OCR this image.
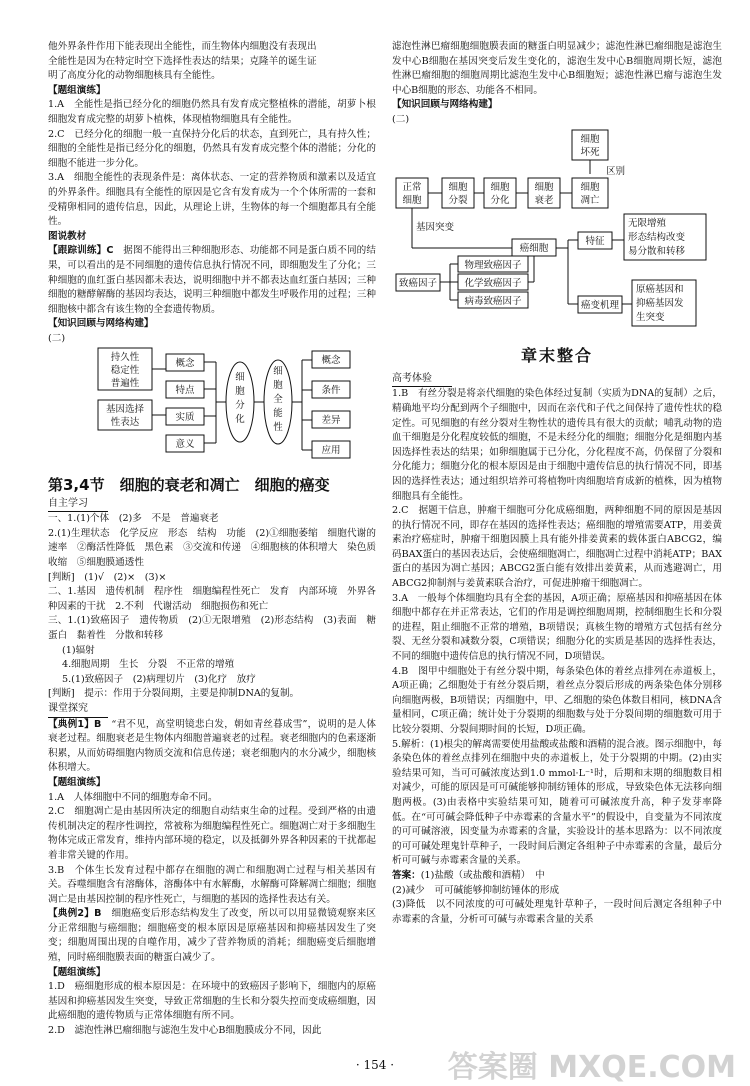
他外界条件作用下能表现出全能性，而生物体内细胞没有表现出

全能性是因为在特定时空下选择性表达的结果；克隆羊的诞生证

明了高度分化的动物细胞核具有全能性。

【题组演练】

1.A　全能性是指已经分化的细胞仍然具有发育成完整植株的潜能，胡萝卜根细胞发育成完整的胡萝卜植株，体现植物细胞具有全能性。

2.C　已经分化的细胞一般一直保持分化后的状态，直到死亡，具有持久性；细胞的全能性是指已经分化的细胞，仍然具有发育成完整个体的潜能；分化的细胞不能进一步分化。

3.A　细胞全能性的表现条件是：离体状态、一定的营养物质和激素以及适宜的外界条件。细胞具有全能性的原因是它含有发育成为一个个体所需的一套和受精卵相同的遗传信息，因此，从理论上讲，生物体的每一个细胞都具有全能性。

图说教材

【跟踪训练】C　 据图不能得出三种细胞形态、功能都不同是蛋白质不同的结果，可以看出的是不同细胞的遗传信息执行情况不同，即细胞发生了分化；三种细胞的血红蛋白基因都未表达，说明细胞中并不都表达血红蛋白基因；三种细胞的糖酵解酶的基因均表达，说明三种细胞中都发生呼吸作用的过程；三种细胞核中都含有该生物的全套遗传物质。

【知识回顾与网络构建】

(二)

持久性
稳定性
普遍性
基因选择
性表达
概念
特点
实质
意义
细
胞
分
化
细
胞
全
能
性
概念
条件
差异
应用

第3,4节　细胞的衰老和凋亡　细胞的癌变

自主学习

一、1.(1)个体　(2)多　不是　普遍衰老

2.(1)生理状态　化学反应　形态　结构　功能　(2)①细胞萎缩　细胞代谢的速率　②酶活性降低　黑色素　③交流和传递　④细胞核的体积增大　染色质收缩　⑤细胞膜通透性

[判断]　(1)√　(2)×　(3)×

二、1.基因　遗传机制　程序性　细胞编程性死亡　发育　内部环境　外界各种因素的干扰　2.不利　代谢活动　细胞损伤和死亡

三、1.(1)致癌因子　遗传物质　(2)①无限增殖　(2)形态结构　(3)表面　糖蛋白　黏着性　分散和转移

(1)辐射

4.细胞周期　生长　分裂　不正常的增殖

5.(1)致癌因子　(2)病理切片　(3)化疗　放疗

[判断]　提示：作用于分裂间期，主要是抑制DNA的复制。

课堂探究

【典例1】B　 “君不见，高堂明镜悲白发，朝如青丝暮成雪”，说明的是人体衰老过程。细胞衰老是生物体内细胞普遍衰老的过程。衰老细胞内的色素逐渐积累，从而妨碍细胞内物质交流和信息传递；衰老细胞内的水分减少，细胞核体积增大。

【题组演练】

1.A　人体细胞中不同的细胞寿命不同。

2.C　细胞凋亡是由基因所决定的细胞自动结束生命的过程。受到严格的由遗传机制决定的程序性调控，常被称为细胞编程性死亡。细胞凋亡对于多细胞生物体完成正常发育，维持内部环境的稳定，以及抵御外界各种因素的干扰都起着非常关键的作用。

3.B　个体生长发育过程中都存在细胞的凋亡和细胞凋亡过程与相关基因有关。吞噬细胞含有溶酶体，溶酶体中有水解酶，水解酶可降解凋亡细胞；细胞凋亡是由基因控制的程序性死亡，与细胞的基因的选择性表达有关。

【典例2】B　 细胞癌变后形态结构发生了改变，所以可以用显微镜观察来区分正常细胞与癌细胞；细胞癌变的根本原因是原癌基因和抑癌基因发生了突变；细胞周围出现的自噬作用，减少了营养物质的消耗；细胞癌变后细胞增殖，同时癌细胞膜表面的糖蛋白减少了。

【题组演练】

1.D　癌细胞形成的根本原因是：在环境中的致癌因子影响下，细胞内的原癌基因和抑癌基因发生突变，导致正常细胞的生长和分裂失控而变成癌细胞，因此癌细胞的遗传物质与正常体细胞有所不同。

2.D　滤泡性淋巴瘤细胞与滤泡生发中心B细胞膜成分不同，因此

滤泡性淋巴瘤细胞细胞膜表面的糖蛋白明显减少；滤泡性淋巴瘤细胞是滤泡生发中心B细胞在基因突变后发生变化的，滤泡生发中心B细胞周期长短，滤泡性淋巴瘤细胞的细胞周期比滤泡生发中心B细胞短；滤泡性淋巴瘤与滤泡生发中心B细胞的形态、功能各不相同。

【知识回顾与网络构建】

(二)

细胞
坏死
区别
正常
细胞
细胞
分裂
细胞
分化
细胞
衰老
细胞
凋亡
基因突变
癌细胞
特征
无限增殖
形态结构改变
易分散和转移
致癌因子
物理致癌因子
化学致癌因子
病毒致癌因子	癌变机理
原癌基因和
抑癌基因发
生突变

章末整合

高考体验

1.B　有丝分裂是将亲代细胞的染色体经过复制（实质为DNA的复制）之后，精确地平均分配到两个子细胞中，因而在亲代和子代之间保持了遗传性状的稳定性。可见细胞的有丝分裂对生物性状的遗传具有很大的贡献；哺乳动物的造血干细胞是分化程度较低的细胞，不是未经分化的细胞；细胞分化是细胞内基因选择性表达的结果；如卵细胞属于已分化，分化程度不高，仍保留了分裂和分化能力；细胞分化的根本原因是由于细胞中遗传信息的执行情况不同，即基因的选择性表达；通过组织培养可将植物叶肉细胞培育成新的植株，因为植物细胞具有全能性。

2.C　据题干信息，肿瘤干细胞可分化成癌细胞，两种细胞不同的原因是基因的执行情况不同，即存在基因的选择性表达；癌细胞的增殖需要ATP，用姜黄素治疗癌症时，肿瘤干细胞因膜上具有能外排姜黄素的载体蛋白ABCG2，编码BAX蛋白的基因表达后，会使癌细胞凋亡，细胞凋亡过程中消耗ATP；BAX蛋白的基因为凋亡基因；ABCG2蛋白能有效排出姜黄素，从而逃避凋亡，用ABCG2抑制剂与姜黄素联合治疗，可促进肿瘤干细胞凋亡。

3.A　一般每个体细胞均具有全套的基因，A项正确；原癌基因和抑癌基因在体细胞中都存在并正常表达，它们的作用是调控细胞周期，控制细胞生长和分裂的进程，阻止细胞不正常的增殖，B项错误；真核生物的增殖方式包括有丝分裂、无丝分裂和减数分裂，C项错误；细胞分化的实质是基因的选择性表达，不同的细胞中遗传信息的执行情况不同，D项错误。

4.B　图甲中细胞处于有丝分裂中期，每条染色体的着丝点排列在赤道板上，A项正确；乙细胞处于有丝分裂后期，着丝点分裂后形成的两条染色体分别移向细胞两极，B项错误；丙细胞中，甲、乙细胞的染色体数目相同，核DNA含量相同，C项正确；统计处于分裂期的细胞数与处于分裂间期的细胞数可用于比较分裂期、分裂间期时间的长短，D项正确。

5.解析：(1)根尖的解离需要使用盐酸或盐酸和酒精的混合液。图示细胞中，每条染色体的着丝点排列在细胞中央的赤道板上，处于分裂期的中期。(2)由实验结果可知，当可可碱浓度达到1.0 mmol·L⁻¹时，后期和末期的细胞数目相对减少，可能的原因是可可碱能够抑制纺锤体的形成，导致染色体无法移向细胞两极。(3)由表格中实验结果可知，随着可可碱浓度升高，种子发芽率降低。在“可可碱会降低种子中赤霉素的含量水平”的假设中，自变量为不同浓度的可可碱溶液，因变量为赤霉素的含量，实验设计的基本思路为：以不同浓度的可可碱处理鬼针草种子，一段时间后测定各组种子中赤霉素的含量，最后分析可可碱与赤霉素含量的关系。

答案：(1)盐酸（或盐酸和酒精）　中

(2)减少　可可碱能够抑制纺锤体的形成

(3)降低　以不同浓度的可可碱处理鬼针草种子，一段时间后测定各组种子中赤霉素的含量，分析可可碱与赤霉素含量的关系

· 154 ·	答案圈 MXQE.COM
